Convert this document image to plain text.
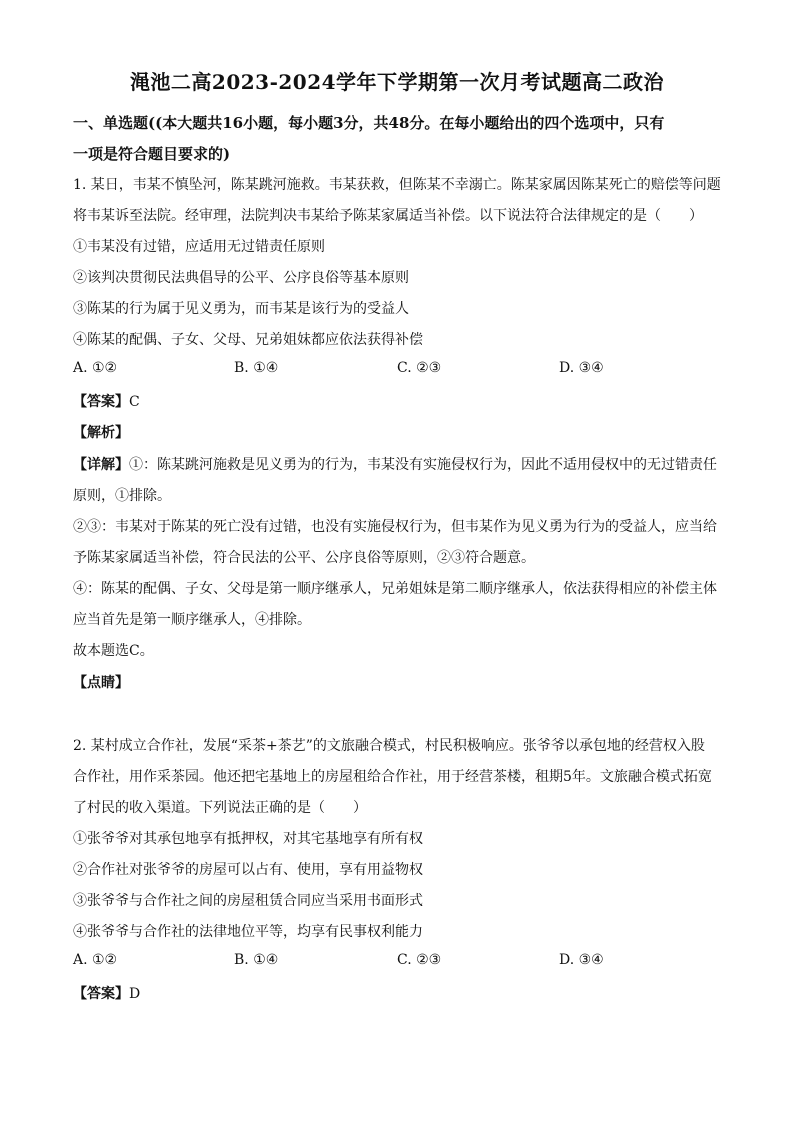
渑池二高2023-2024学年下学期第一次月考试题高二政治
一、单选题((本大题共16小题，每小题3分，共48分。在每小题给出的四个选项中，只有
一项是符合题目要求的)
1. 某日，韦某不慎坠河，陈某跳河施救。韦某获救，但陈某不幸溺亡。陈某家属因陈某死亡的赔偿等问题
将韦某诉至法院。经审理，法院判决韦某给予陈某家属适当补偿。以下说法符合法律规定的是（　　）
①韦某没有过错，应适用无过错责任原则
②该判决贯彻民法典倡导的公平、公序良俗等基本原则
③陈某的行为属于见义勇为，而韦某是该行为的受益人
④陈某的配偶、子女、父母、兄弟姐妹都应依法获得补偿
A. ①②	B. ①④	C. ②③	D. ③④
【答案】C
【解析】
【详解】①：陈某跳河施救是见义勇为的行为，韦某没有实施侵权行为，因此不适用侵权中的无过错责任
原则，①排除。
②③：韦某对于陈某的死亡没有过错，也没有实施侵权行为，但韦某作为见义勇为行为的受益人，应当给
予陈某家属适当补偿，符合民法的公平、公序良俗等原则，②③符合题意。
④：陈某的配偶、子女、父母是第一顺序继承人，兄弟姐妹是第二顺序继承人，依法获得相应的补偿主体
应当首先是第一顺序继承人，④排除。
故本题选C。
【点睛】
2. 某村成立合作社，发展“采茶+茶艺”的文旅融合模式，村民积极响应。张爷爷以承包地的经营权入股
合作社，用作采茶园。他还把宅基地上的房屋租给合作社，用于经营茶楼，租期5年。文旅融合模式拓宽
了村民的收入渠道。下列说法正确的是（　　）
①张爷爷对其承包地享有抵押权，对其宅基地享有所有权
②合作社对张爷爷的房屋可以占有、使用，享有用益物权
③张爷爷与合作社之间的房屋租赁合同应当采用书面形式
④张爷爷与合作社的法律地位平等，均享有民事权利能力
A. ①②	B. ①④	C. ②③	D. ③④
【答案】D
